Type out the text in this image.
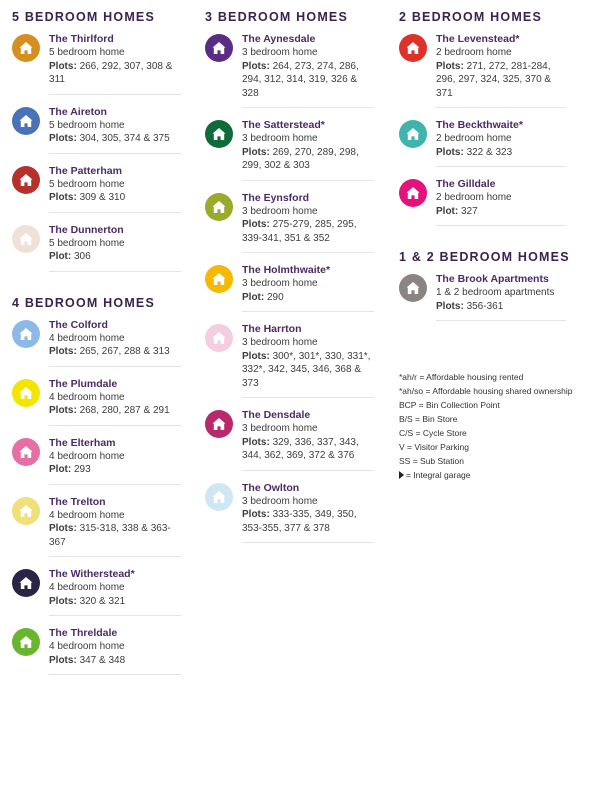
5 BEDROOM HOMES
The Thirlford
5 bedroom home
Plots: 266, 292, 307, 308 & 311
The Aireton
5 bedroom home
Plots: 304, 305, 374 & 375
The Patterham
5 bedroom home
Plots: 309 & 310
The Dunnerton
5 bedroom home
Plot: 306
4 BEDROOM HOMES
The Colford
4 bedroom home
Plots: 265, 267, 288 & 313
The Plumdale
4 bedroom home
Plots: 268, 280, 287 & 291
The Elterham
4 bedroom home
Plot: 293
The Trelton
4 bedroom home
Plots: 315-318, 338 & 363-367
The Witherstead*
4 bedroom home
Plots: 320 & 321
The Threldale
4 bedroom home
Plots: 347 & 348
3 BEDROOM HOMES
The Aynesdale
3 bedroom home
Plots: 264, 273, 274, 286, 294, 312, 314, 319, 326 & 328
The Satterstead*
3 bedroom home
Plots: 269, 270, 289, 298, 299, 302 & 303
The Eynsford
3 bedroom home
Plots: 275-279, 285, 295, 339-341, 351 & 352
The Holmthwaite*
3 bedroom home
Plot: 290
The Harrton
3 bedroom home
Plots: 300*, 301*, 330, 331*, 332*, 342, 345, 346, 368 & 373
The Densdale
3 bedroom home
Plots: 329, 336, 337, 343, 344, 362, 369, 372 & 376
The Owlton
3 bedroom home
Plots: 333-335, 349, 350, 353-355, 377 & 378
2 BEDROOM HOMES
The Levenstead*
2 bedroom home
Plots: 271, 272, 281-284, 296, 297, 324, 325, 370 & 371
The Beckthwaite*
2 bedroom home
Plots: 322 & 323
The Gilldale
2 bedroom home
Plot: 327
1 & 2 BEDROOM HOMES
The Brook Apartments
1 & 2 bedroom apartments
Plots: 356-361
*ah/r = Affordable housing rented
*ah/so = Affordable housing shared ownership
BCP = Bin Collection Point
B/S = Bin Store
C/S = Cycle Store
V = Visitor Parking
SS = Sub Station
= Integral garage
